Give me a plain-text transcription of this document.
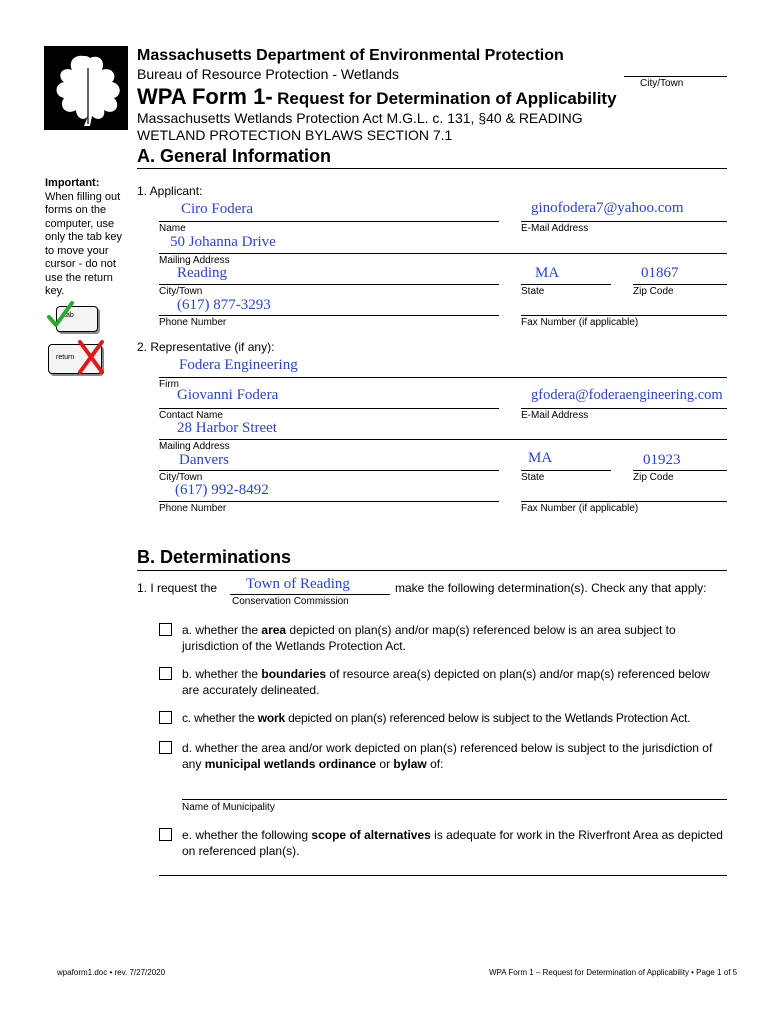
Massachusetts Department of Environmental Protection
Bureau of Resource Protection - Wetlands
City/Town
WPA Form 1- Request for Determination of Applicability
Massachusetts Wetlands Protection Act M.G.L. c. 131, §40 & READING
WETLAND PROTECTION BYLAWS SECTION 7.1
A. General Information
Important:
When filling out forms on the computer, use only the tab key to move your cursor - do not use the return key.
tab
return
1. Applicant:
Ciro Fodera
Name
ginofodera7@yahoo.com
E-Mail Address
50 Johanna Drive
Mailing Address
Reading
City/Town
MA
State
01867
Zip Code
(617) 877-3293
Phone Number	Fax Number (if applicable)
2. Representative (if any):
Fodera Engineering
Firm
Giovanni Fodera
Contact Name
gfodera@foderaengineering.com
E-Mail Address
28 Harbor Street
Mailing Address
Danvers
City/Town
MA
State
01923
Zip Code
(617) 992-8492
Phone Number	Fax Number (if applicable)
B. Determinations
1. I request the Town of Reading
Conservation Commission
make the following determination(s). Check any that apply:
a. whether the area depicted on plan(s) and/or map(s) referenced below is an area subject to jurisdiction of the Wetlands Protection Act.
b. whether the boundaries of resource area(s) depicted on plan(s) and/or map(s) referenced below are accurately delineated.
c. whether the work depicted on plan(s) referenced below is subject to the Wetlands Protection Act.
d. whether the area and/or work depicted on plan(s) referenced below is subject to the jurisdiction of any municipal wetlands ordinance or bylaw of:
Name of Municipality
e. whether the following scope of alternatives is adequate for work in the Riverfront Area as depicted on referenced plan(s).
wpaform1.doc • rev. 7/27/2020	WPA Form 1 – Request for Determination of Applicability • Page 1 of 5
